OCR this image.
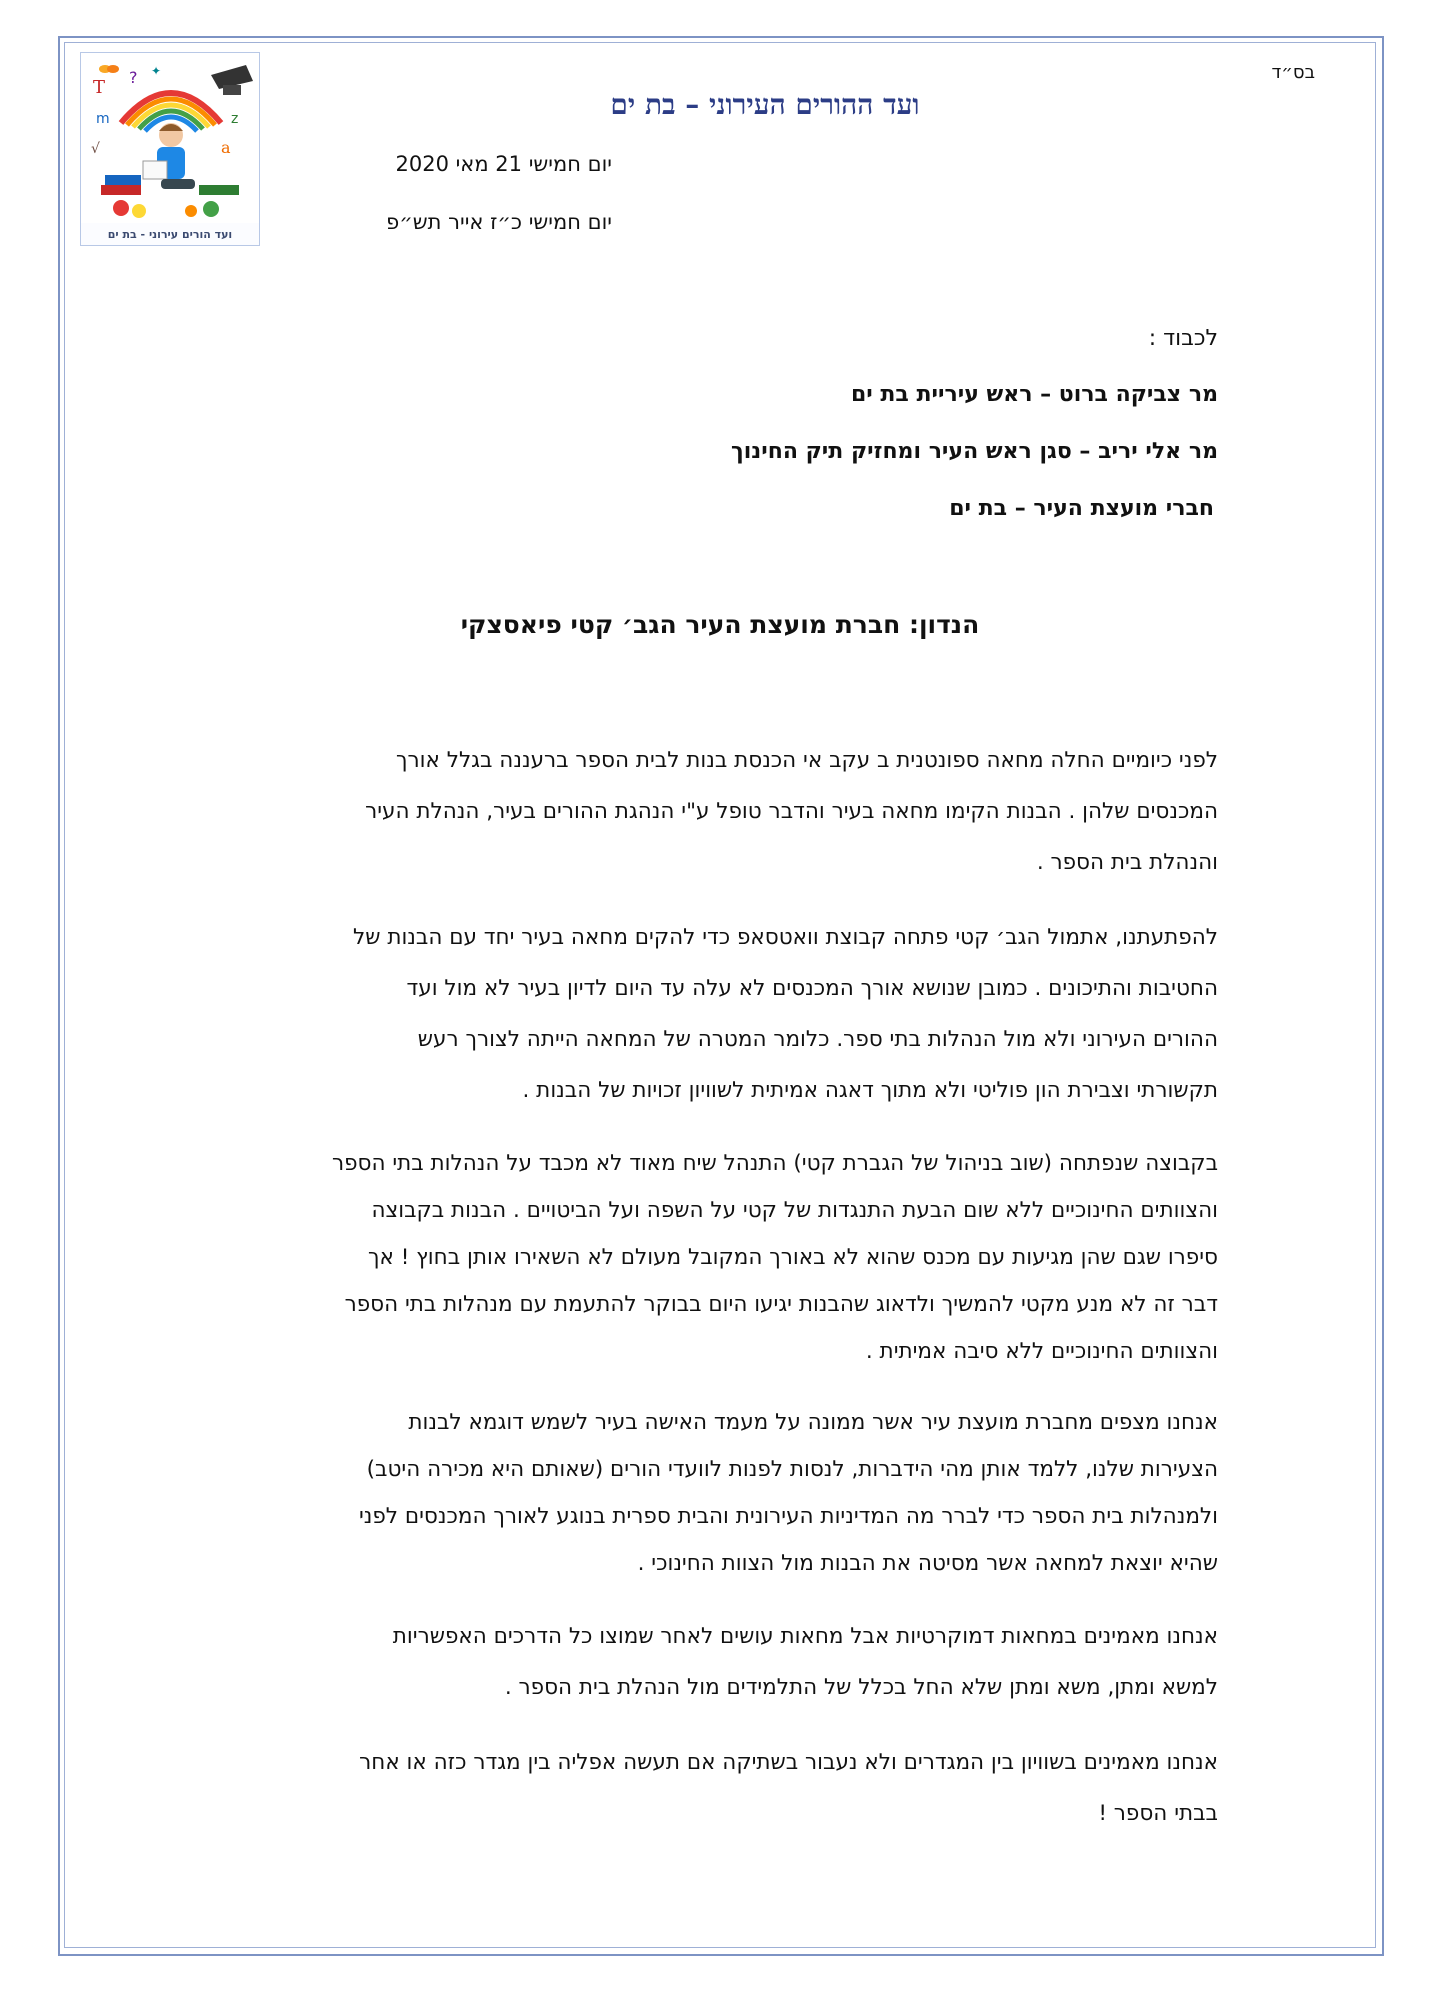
T ? ✦
z
m
a
√
ועד הורים עירוני - בת ים
בס״ד
ועד ההורים העירוני – בת ים
יום חמישי 21 מאי 2020
יום חמישי כ״ז אייר תש״פ
לכבוד :
מר צביקה ברוט – ראש עיריית בת ים
מר אלי יריב – סגן ראש העיר ומחזיק תיק החינוך
חברי מועצת העיר – בת ים
הנדון: חברת מועצת העיר הגב׳ קטי פיאסצקי

לפני כיומיים החלה מחאה ספונטנית ב עקב אי הכנסת בנות לבית הספר ברעננה בגלל אורך
המכנסים שלהן . הבנות הקימו מחאה בעיר והדבר טופל ע"י הנהגת ההורים בעיר, הנהלת העיר
והנהלת בית הספר .

להפתעתנו, אתמול הגב׳ קטי פתחה קבוצת וואטסאפ כדי להקים מחאה בעיר יחד עם הבנות של
החטיבות והתיכונים . כמובן שנושא אורך המכנסים לא עלה עד היום לדיון בעיר לא מול ועד
ההורים העירוני ולא מול הנהלות בתי ספר. כלומר המטרה של המחאה הייתה לצורך רעש
תקשורתי וצבירת הון פוליטי ולא מתוך דאגה אמיתית לשוויון זכויות של הבנות .

בקבוצה שנפתחה (שוב בניהול של הגברת קטי) התנהל שיח מאוד לא מכבד על הנהלות בתי הספר
והצוותים החינוכיים ללא שום הבעת התנגדות של קטי על השפה ועל הביטויים . הבנות בקבוצה
סיפרו שגם שהן מגיעות עם מכנס שהוא לא באורך המקובל מעולם לא השאירו אותן בחוץ ! אך
דבר זה לא מנע מקטי להמשיך ולדאוג שהבנות יגיעו היום בבוקר להתעמת עם מנהלות בתי הספר
והצוותים החינוכיים ללא סיבה אמיתית .

אנחנו מצפים מחברת מועצת עיר אשר ממונה על מעמד האישה בעיר לשמש דוגמא לבנות
הצעירות שלנו, ללמד אותן מהי הידברות, לנסות לפנות לוועדי הורים (שאותם היא מכירה היטב)
ולמנהלות בית הספר כדי לברר מה המדיניות העירונית והבית ספרית בנוגע לאורך המכנסים לפני
שהיא יוצאת למחאה אשר מסיטה את הבנות מול הצוות החינוכי .

אנחנו מאמינים במחאות דמוקרטיות אבל מחאות עושים לאחר שמוצו כל הדרכים האפשריות
למשא ומתן, משא ומתן שלא החל בכלל של התלמידים מול הנהלת בית הספר .

אנחנו מאמינים בשוויון בין המגדרים ולא נעבור בשתיקה אם תעשה אפליה בין מגדר כזה או אחר
בבתי הספר !
